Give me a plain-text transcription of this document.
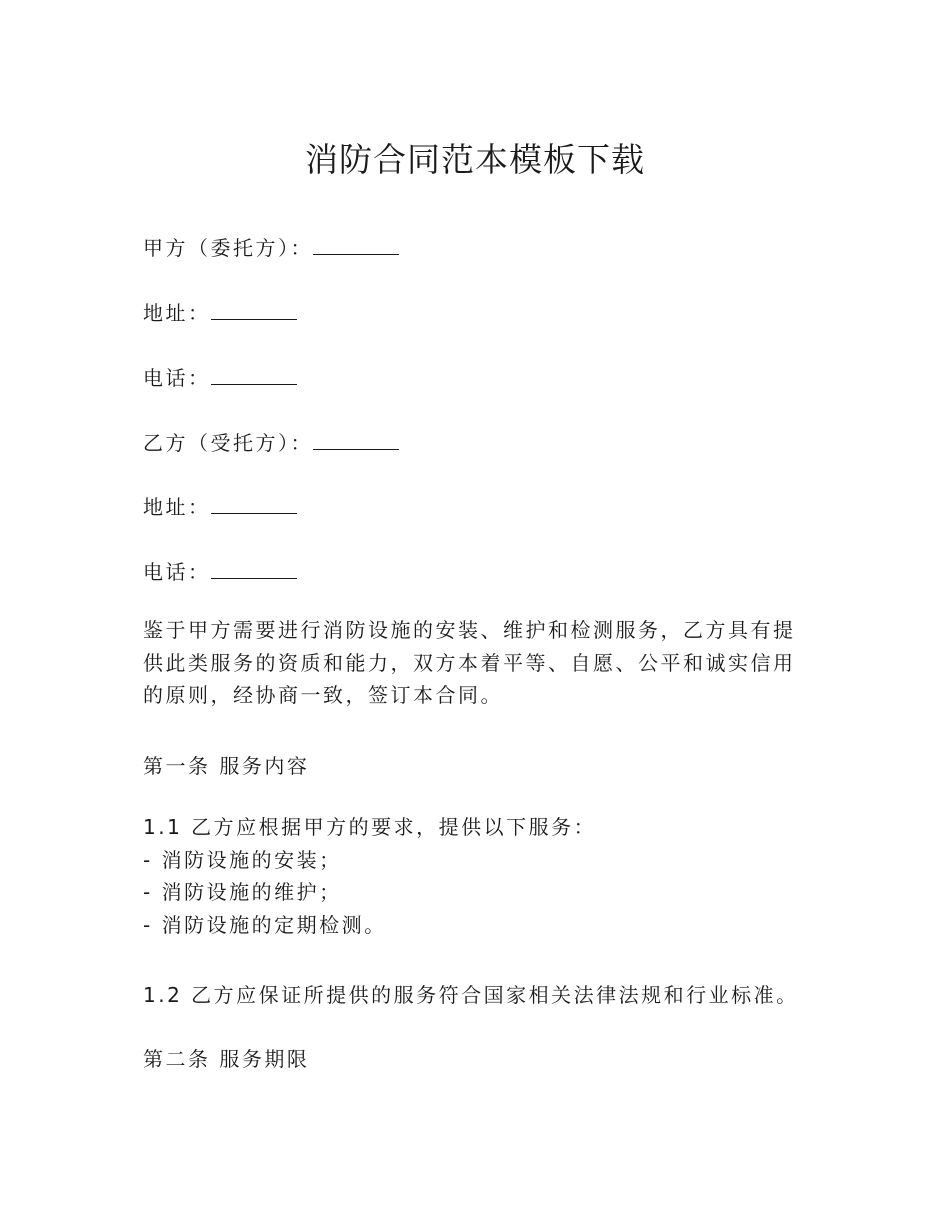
消防合同范本模板下载
甲方（委托方）：
地址：
电话：
乙方（受托方）：
地址：
电话：
鉴于甲方需要进行消防设施的安装、维护和检测服务，乙方具有提供此类服务的资质和能力，双方本着平等、自愿、公平和诚实信用的原则，经协商一致，签订本合同。
第一条 服务内容
1.1 乙方应根据甲方的要求，提供以下服务：
- 消防设施的安装；
- 消防设施的维护；
- 消防设施的定期检测。
1.2 乙方应保证所提供的服务符合国家相关法律法规和行业标准。
第二条 服务期限
